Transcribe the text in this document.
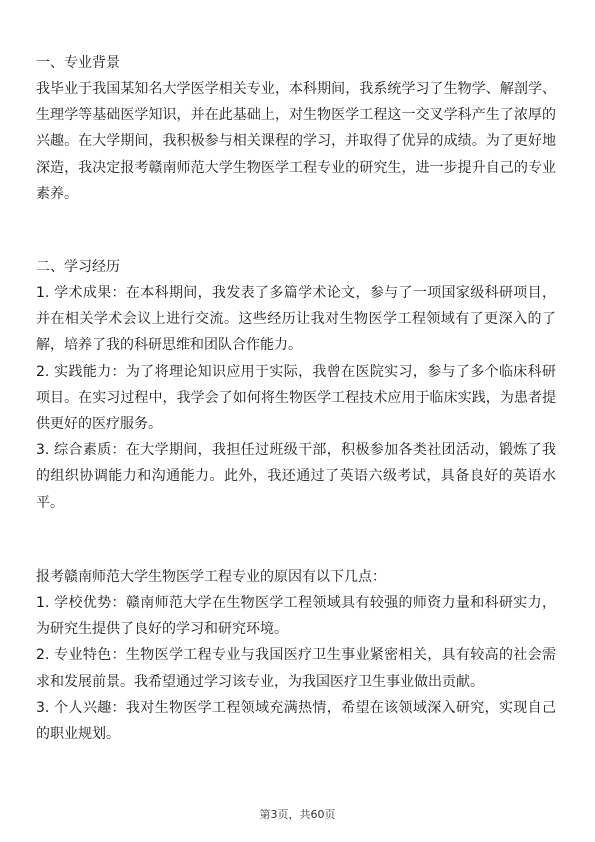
一、专业背景

我毕业于我国某知名大学医学相关专业，本科期间，我系统学习了生物学、解剖学、生理学等基础医学知识，并在此基础上，对生物医学工程这一交叉学科产生了浓厚的兴趣。在大学期间，我积极参与相关课程的学习，并取得了优异的成绩。为了更好地深造，我决定报考赣南师范大学生物医学工程专业的研究生，进一步提升自己的专业素养。

二、学习经历

1. 学术成果：在本科期间，我发表了多篇学术论文，参与了一项国家级科研项目，并在相关学术会议上进行交流。这些经历让我对生物医学工程领域有了更深入的了解，培养了我的科研思维和团队合作能力。

2. 实践能力：为了将理论知识应用于实际，我曾在医院实习，参与了多个临床科研项目。在实习过程中，我学会了如何将生物医学工程技术应用于临床实践，为患者提供更好的医疗服务。

3. 综合素质：在大学期间，我担任过班级干部，积极参加各类社团活动，锻炼了我的组织协调能力和沟通能力。此外，我还通过了英语六级考试，具备良好的英语水平。

报考赣南师范大学生物医学工程专业的原因有以下几点：

1. 学校优势：赣南师范大学在生物医学工程领域具有较强的师资力量和科研实力，为研究生提供了良好的学习和研究环境。

2. 专业特色：生物医学工程专业与我国医疗卫生事业紧密相关，具有较高的社会需求和发展前景。我希望通过学习该专业，为我国医疗卫生事业做出贡献。

3. 个人兴趣：我对生物医学工程领域充满热情，希望在该领域深入研究，实现自己的职业规划。

第3页，共60页
